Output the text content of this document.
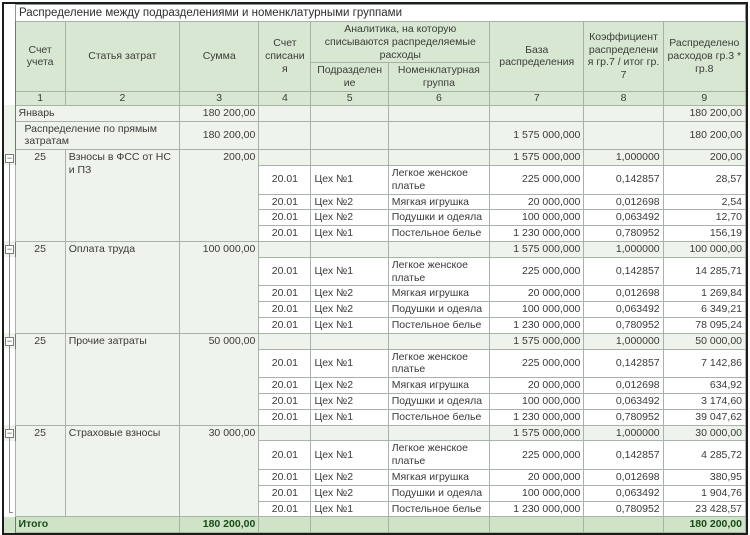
Распределение между подразделениями и номенклатурными группами
	Счет учета	Статья затрат	Сумма	Счет списания	Аналитика, на которую списываются распределяемые расходы		База распределения	Коэффициент распределения гр.7 / итог гр. 7	Распределено расходов гр.3 * гр.8
					Подразделение	Номенклатурная группа			
	1	2	3	4	5	6	7	8	9
	Январь		180 200,00						180 200,00
	Распределение по прямым затратам		180 200,00				1 575 000,000		180 200,00

−	25	Взносы в ФСС от НС и ПЗ	200,00				1 575 000,000	1,000000	200,00

				20.01	Цех №1	Легкое женское платье	225 000,000	0,142857	28,57

				20.01	Цех №2	Мягкая игрушка	20 000,000	0,012698	2,54

				20.01	Цех №2	Подушки и одеяла	100 000,000	0,063492	12,70

				20.01	Цех №1	Постельное белье	1 230 000,000	0,780952	156,19

−	25	Оплата труда	100 000,00				1 575 000,000	1,000000	100 000,00

				20.01	Цех №1	Легкое женское платье	225 000,000	0,142857	14 285,71

				20.01	Цех №2	Мягкая игрушка	20 000,000	0,012698	1 269,84

				20.01	Цех №2	Подушки и одеяла	100 000,000	0,063492	6 349,21

				20.01	Цех №1	Постельное белье	1 230 000,000	0,780952	78 095,24

−	25	Прочие затраты	50 000,00				1 575 000,000	1,000000	50 000,00

				20.01	Цех №1	Легкое женское платье	225 000,000	0,142857	7 142,86

				20.01	Цех №2	Мягкая игрушка	20 000,000	0,012698	634,92

				20.01	Цех №2	Подушки и одеяла	100 000,000	0,063492	3 174,60

				20.01	Цех №1	Постельное белье	1 230 000,000	0,780952	39 047,62

−	25	Страховые взносы	30 000,00				1 575 000,000	1,000000	30 000,00

				20.01	Цех №1	Легкое женское платье	225 000,000	0,142857	4 285,72

				20.01	Цех №2	Мягкая игрушка	20 000,000	0,012698	380,95

				20.01	Цех №2	Подушки и одеяла	100 000,000	0,063492	1 904,76

				20.01	Цех №1	Постельное белье	1 230 000,000	0,780952	23 428,57
	Итого		180 200,00						180 200,00
